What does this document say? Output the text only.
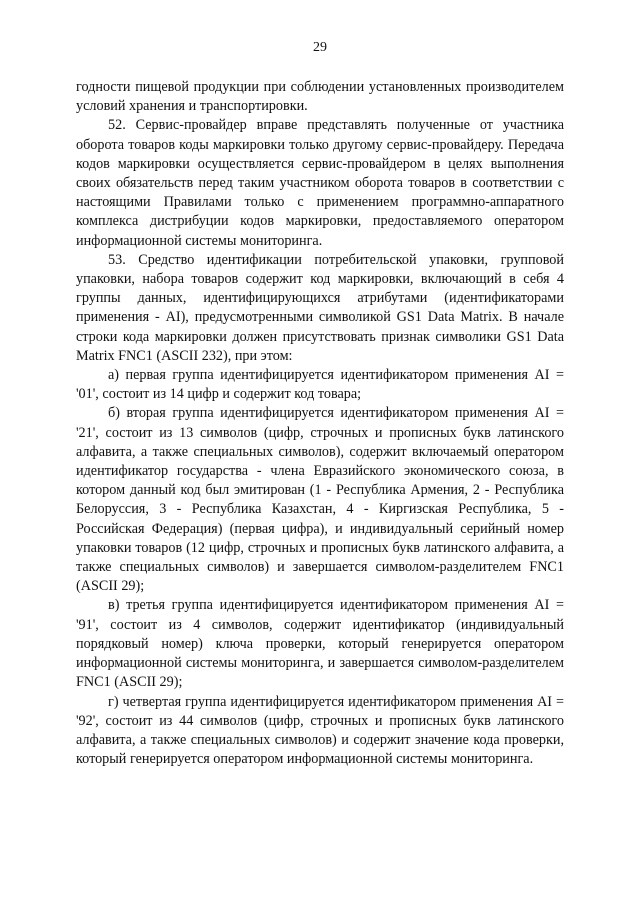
29

годности пищевой продукции при соблюдении установленных производителем условий хранения и транспортировки.

52. Сервис-провайдер вправе представлять полученные от участника оборота товаров коды маркировки только другому сервис-провайдеру. Передача кодов маркировки осуществляется сервис-провайдером в целях выполнения своих обязательств перед таким участником оборота товаров в соответствии с настоящими Правилами только с применением программно-аппаратного комплекса дистрибуции кодов маркировки, предоставляемого оператором информационной системы мониторинга.

53. Средство идентификации потребительской упаковки, групповой упаковки, набора товаров содержит код маркировки, включающий в себя 4 группы данных, идентифицирующихся атрибутами (идентификаторами применения - AI), предусмотренными символикой GS1 Data Matrix. В начале строки кода маркировки должен присутствовать признак символики GS1 Data Matrix FNC1 (ASCII 232), при этом:

а) первая группа идентифицируется идентификатором применения AI = '01', состоит из 14 цифр и содержит код товара;

б) вторая группа идентифицируется идентификатором применения AI = '21', состоит из 13 символов (цифр, строчных и прописных букв латинского алфавита, а также специальных символов), содержит включаемый оператором идентификатор государства - члена Евразийского экономического союза, в котором данный код был эмитирован (1 - Республика Армения, 2 - Республика Белоруссия, 3 - Республика Казахстан, 4 - Киргизская Республика, 5 - Российская Федерация) (первая цифра), и индивидуальный серийный номер упаковки товаров (12 цифр, строчных и прописных букв латинского алфавита, а также специальных символов) и завершается символом-разделителем FNC1 (ASCII 29);

в) третья группа идентифицируется идентификатором применения AI = '91', состоит из 4 символов, содержит идентификатор (индивидуальный порядковый номер) ключа проверки, который генерируется оператором информационной системы мониторинга, и завершается символом-разделителем FNC1 (ASCII 29);

г) четвертая группа идентифицируется идентификатором применения AI = '92', состоит из 44 символов (цифр, строчных и прописных букв латинского алфавита, а также специальных символов) и содержит значение кода проверки, который генерируется оператором информационной системы мониторинга.
